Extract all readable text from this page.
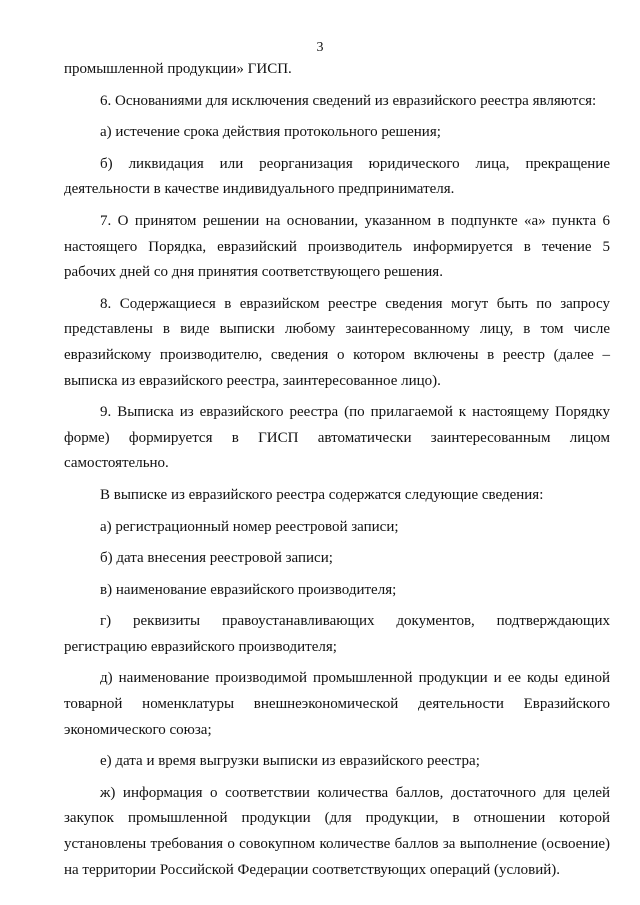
3

промышленной продукции» ГИСП.

6. Основаниями для исключения сведений из евразийского реестра являются:

а) истечение срока действия протокольного решения;

б) ликвидация или реорганизация юридического лица, прекращение деятельности в качестве индивидуального предпринимателя.

7. О принятом решении на основании, указанном в подпункте «а» пункта 6 настоящего Порядка, евразийский производитель информируется в течение 5 рабочих дней со дня принятия соответствующего решения.

8. Содержащиеся в евразийском реестре сведения могут быть по запросу представлены в виде выписки любому заинтересованному лицу, в том числе евразийскому производителю, сведения о котором включены в реестр (далее – выписка из евразийского реестра, заинтересованное лицо).

9. Выписка из евразийского реестра (по прилагаемой к настоящему Порядку форме) формируется в ГИСП автоматически заинтересованным лицом самостоятельно.

В выписке из евразийского реестра содержатся следующие сведения:

а) регистрационный номер реестровой записи;

б) дата внесения реестровой записи;

в) наименование евразийского производителя;

г) реквизиты правоустанавливающих документов, подтверждающих регистрацию евразийского производителя;

д) наименование производимой промышленной продукции и ее коды единой товарной номенклатуры внешнеэкономической деятельности Евразийского экономического союза;

е) дата и время выгрузки выписки из евразийского реестра;

ж) информация о соответствии количества баллов, достаточного для целей закупок промышленной продукции (для продукции, в отношении которой установлены требования о совокупном количестве баллов за выполнение (освоение) на территории Российской Федерации соответствующих операций (условий).
